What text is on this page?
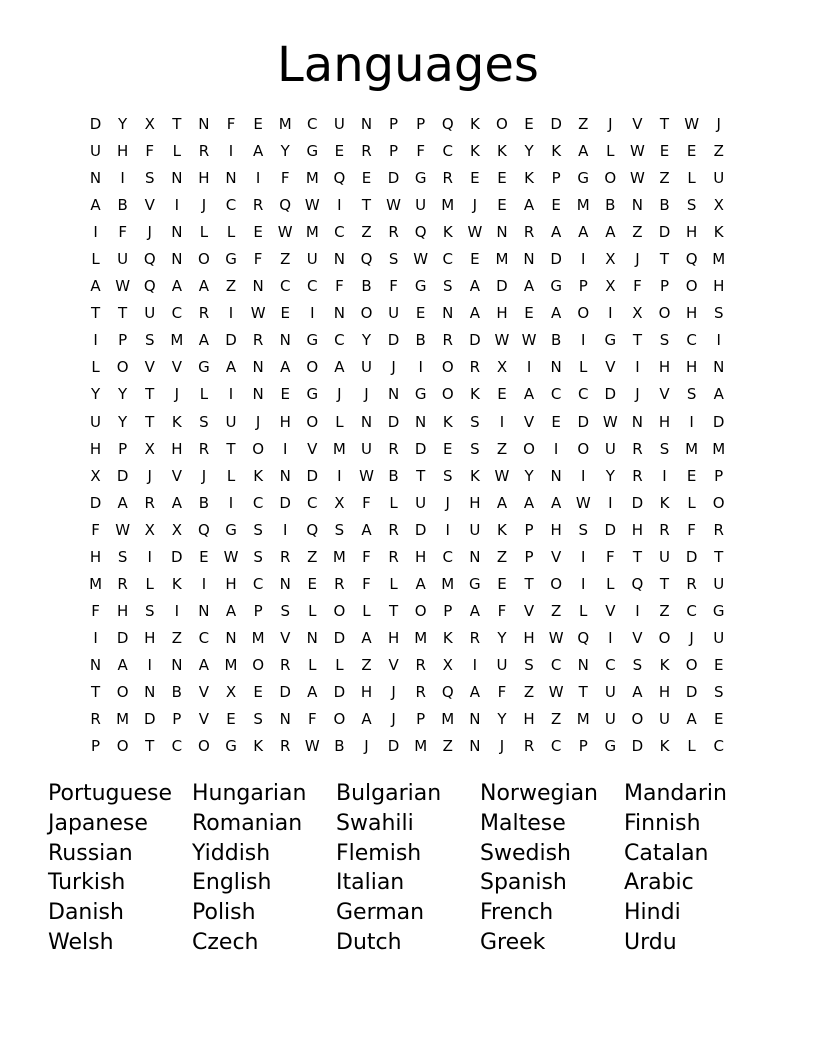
Languages
D	Y	X	T	N	F	E	M	C	U	N	P	P	Q	K	O	E	D	Z	J	V	T	W	J
U	H	F	L	R	I	A	Y	G	E	R	P	F	C	K	K	Y	K	A	L	W E	E	Z
N	I	S	N	H	N	I	F	M Q	E	D	G	R	E	E	K	P	G	O W Z	L	U
A	B	V	I	J	C	R	Q W	I	T	W U	M	J	E	A	E	M	B	N	B	S	X
I	F	J	N	L	L	E W M	C	Z	R	Q	K W N	R	A	A	A	Z	D	H	K
L	U	Q	N	O	G	F	Z	U	N	Q	S W C	E	M	N	D	I	X	J	T	Q M
A W Q	A	A	Z	N	C	C	F	B	F	G	S	A	D	A	G	P	X	F	P	O	H
T	T	U	C	R	I	W E	I	N	O	U	E	N	A	H	E	A	O	I	X	O	H	S
I	P	S	M	A	D	R	N	G	C	Y	D	B	R	D W W B	I	G	T	S	C	I
L	O	V	V	G	A	N	A	O	A	U	J	I	O	R	X	I	N	L	V	I	H	H	N
Y	Y	T	J	L	I	N	E	G	J	J	N	G	O	K	E	A	C	C	D	J	V	S	A
U	Y	T	K	S	U	J	H	O	L	N	D	N	K	S	I	V	E	D W N	H	I	D
H	P	X	H	R	T	O	I	V	M	U	R	D	E	S	Z	O	I	O	U	R	S	M M
X	D	J	V	J	L	K	N	D	I	W B	T	S	K W	Y	N	I	Y	R	I	E	P
D	A	R	A	B	I	C	D	C	X	F	L	U	J	H	A	A	A W	I	D	K	L	O
F	W X	X	Q	G	S	I	Q	S	A	R	D	I	U	K	P	H	S	D	H	R	F	R
H	S	I	D	E W S	R	Z	M	F	R	H	C	N	Z	P	V	I	F	T	U	D	T
M	R	L	K	I	H	C	N	E	R	F	L	A	M G	E	T	O	I	L	Q	T	R	U
F	H	S	I	N	A	P	S	L	O	L	T	O	P	A	F	V	Z	L	V	I	Z	C	G
I	D	H	Z	C	N	M	V	N	D	A	H M	K	R	Y	H W Q	I	V	O	J	U
N	A	I	N	A	M O	R	L	L	Z	V	R	X	I	U	S	C	N	C	S	K	O	E
T	O	N	B	V	X	E	D	A	D	H	J	R	Q	A	F	Z W	T	U	A	H	D	S
R	M D	P	V	E	S	N	F	O	A	J	P	M	N	Y	H	Z	M	U	O	U	A	E
P	O	T	C	O	G	K	R W B	J	D M	Z	N	J	R	C	P	G	D	K	L	C
Portuguese Hungarian	Bulgarian	Norwegian	Mandarin
Japanese	Romanian	Swahili	Maltese	Finnish
Russian	Yiddish	Flemish	Swedish	Catalan
Turkish	English	Italian	Spanish	Arabic
Danish	Polish	German	French	Hindi
Welsh	Czech	Dutch	Greek	Urdu
